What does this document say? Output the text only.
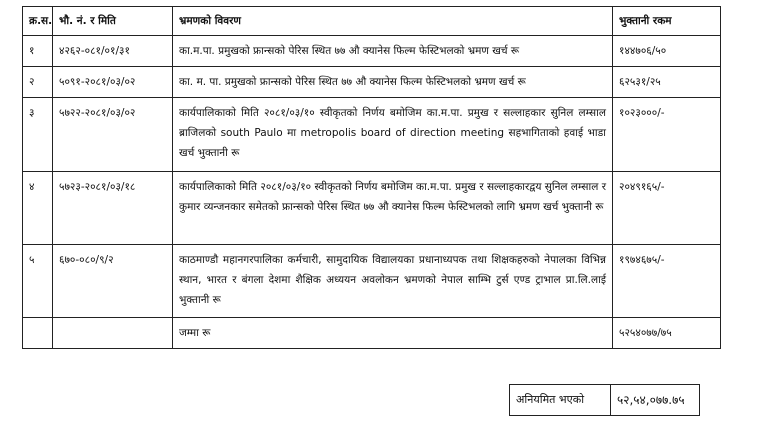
क्र.स.	भौ. नं. र मिति	भ्रमणको विवरण	भुक्तानी रकम
१	४२६२-०८१/०१/३१	का.म.पा. प्रमुखको फ्रान्सको पेरिस स्थित ७७ औ क्यानेस फिल्म फेस्टिभलको भ्रमण खर्च रू	१४४७०६/५०
२	५०९१-२०८१/०३/०२	का. म. पा. प्रमुखको फ्रान्सको पेरिस स्थित ७७ औ क्यानेस फिल्म फेस्टिभलको भ्रमण खर्च रू	६२५३१/२५
३	५७२२-२०८१/०३/०२	कार्यपालिकाको मिति २०८१/०३/१० स्वीकृतको निर्णय बमोजिम का.म.पा. प्रमुख र सल्लाहकार सुनिल लम्साल ब्राजिलको south Paulo मा metropolis board of direction meeting सहभागिताको हवाई भाडा खर्च भुक्तानी रू	१०२३०००/-
४	५७२३-२०८१/०३/१८	कार्यपालिकाको मिति २०८१/०३/१० स्वीकृतको निर्णय बमोजिम का.म.पा. प्रमुख र सल्लाहकारद्वय सुनिल लम्साल र कुमार व्यन्जनकार समेतको फ्रान्सको पेरिस स्थित ७७ औ क्यानेस फिल्म फेस्टिभलको लागि भ्रमण खर्च भुक्तानी रू	२०४९१६५/-
५	६७०-०८०/९/२	काठमाण्डौ महानगरपालिका कर्मचारी, सामुदायिक विद्यालयका प्रधानाध्यपक तथा शिक्षकहरुको नेपालका विभिन्न स्थान, भारत र बंगला देशमा शैक्षिक अध्ययन अवलोकन भ्रमणको नेपाल साम्भि टुर्स एण्ड ट्राभाल प्रा.लि.लाई भुक्तानी रू	१९७४६७५/-
		जम्मा रू	५२५४०७७/७५
अनियमित भएको	५२,५४,०७७.७५
